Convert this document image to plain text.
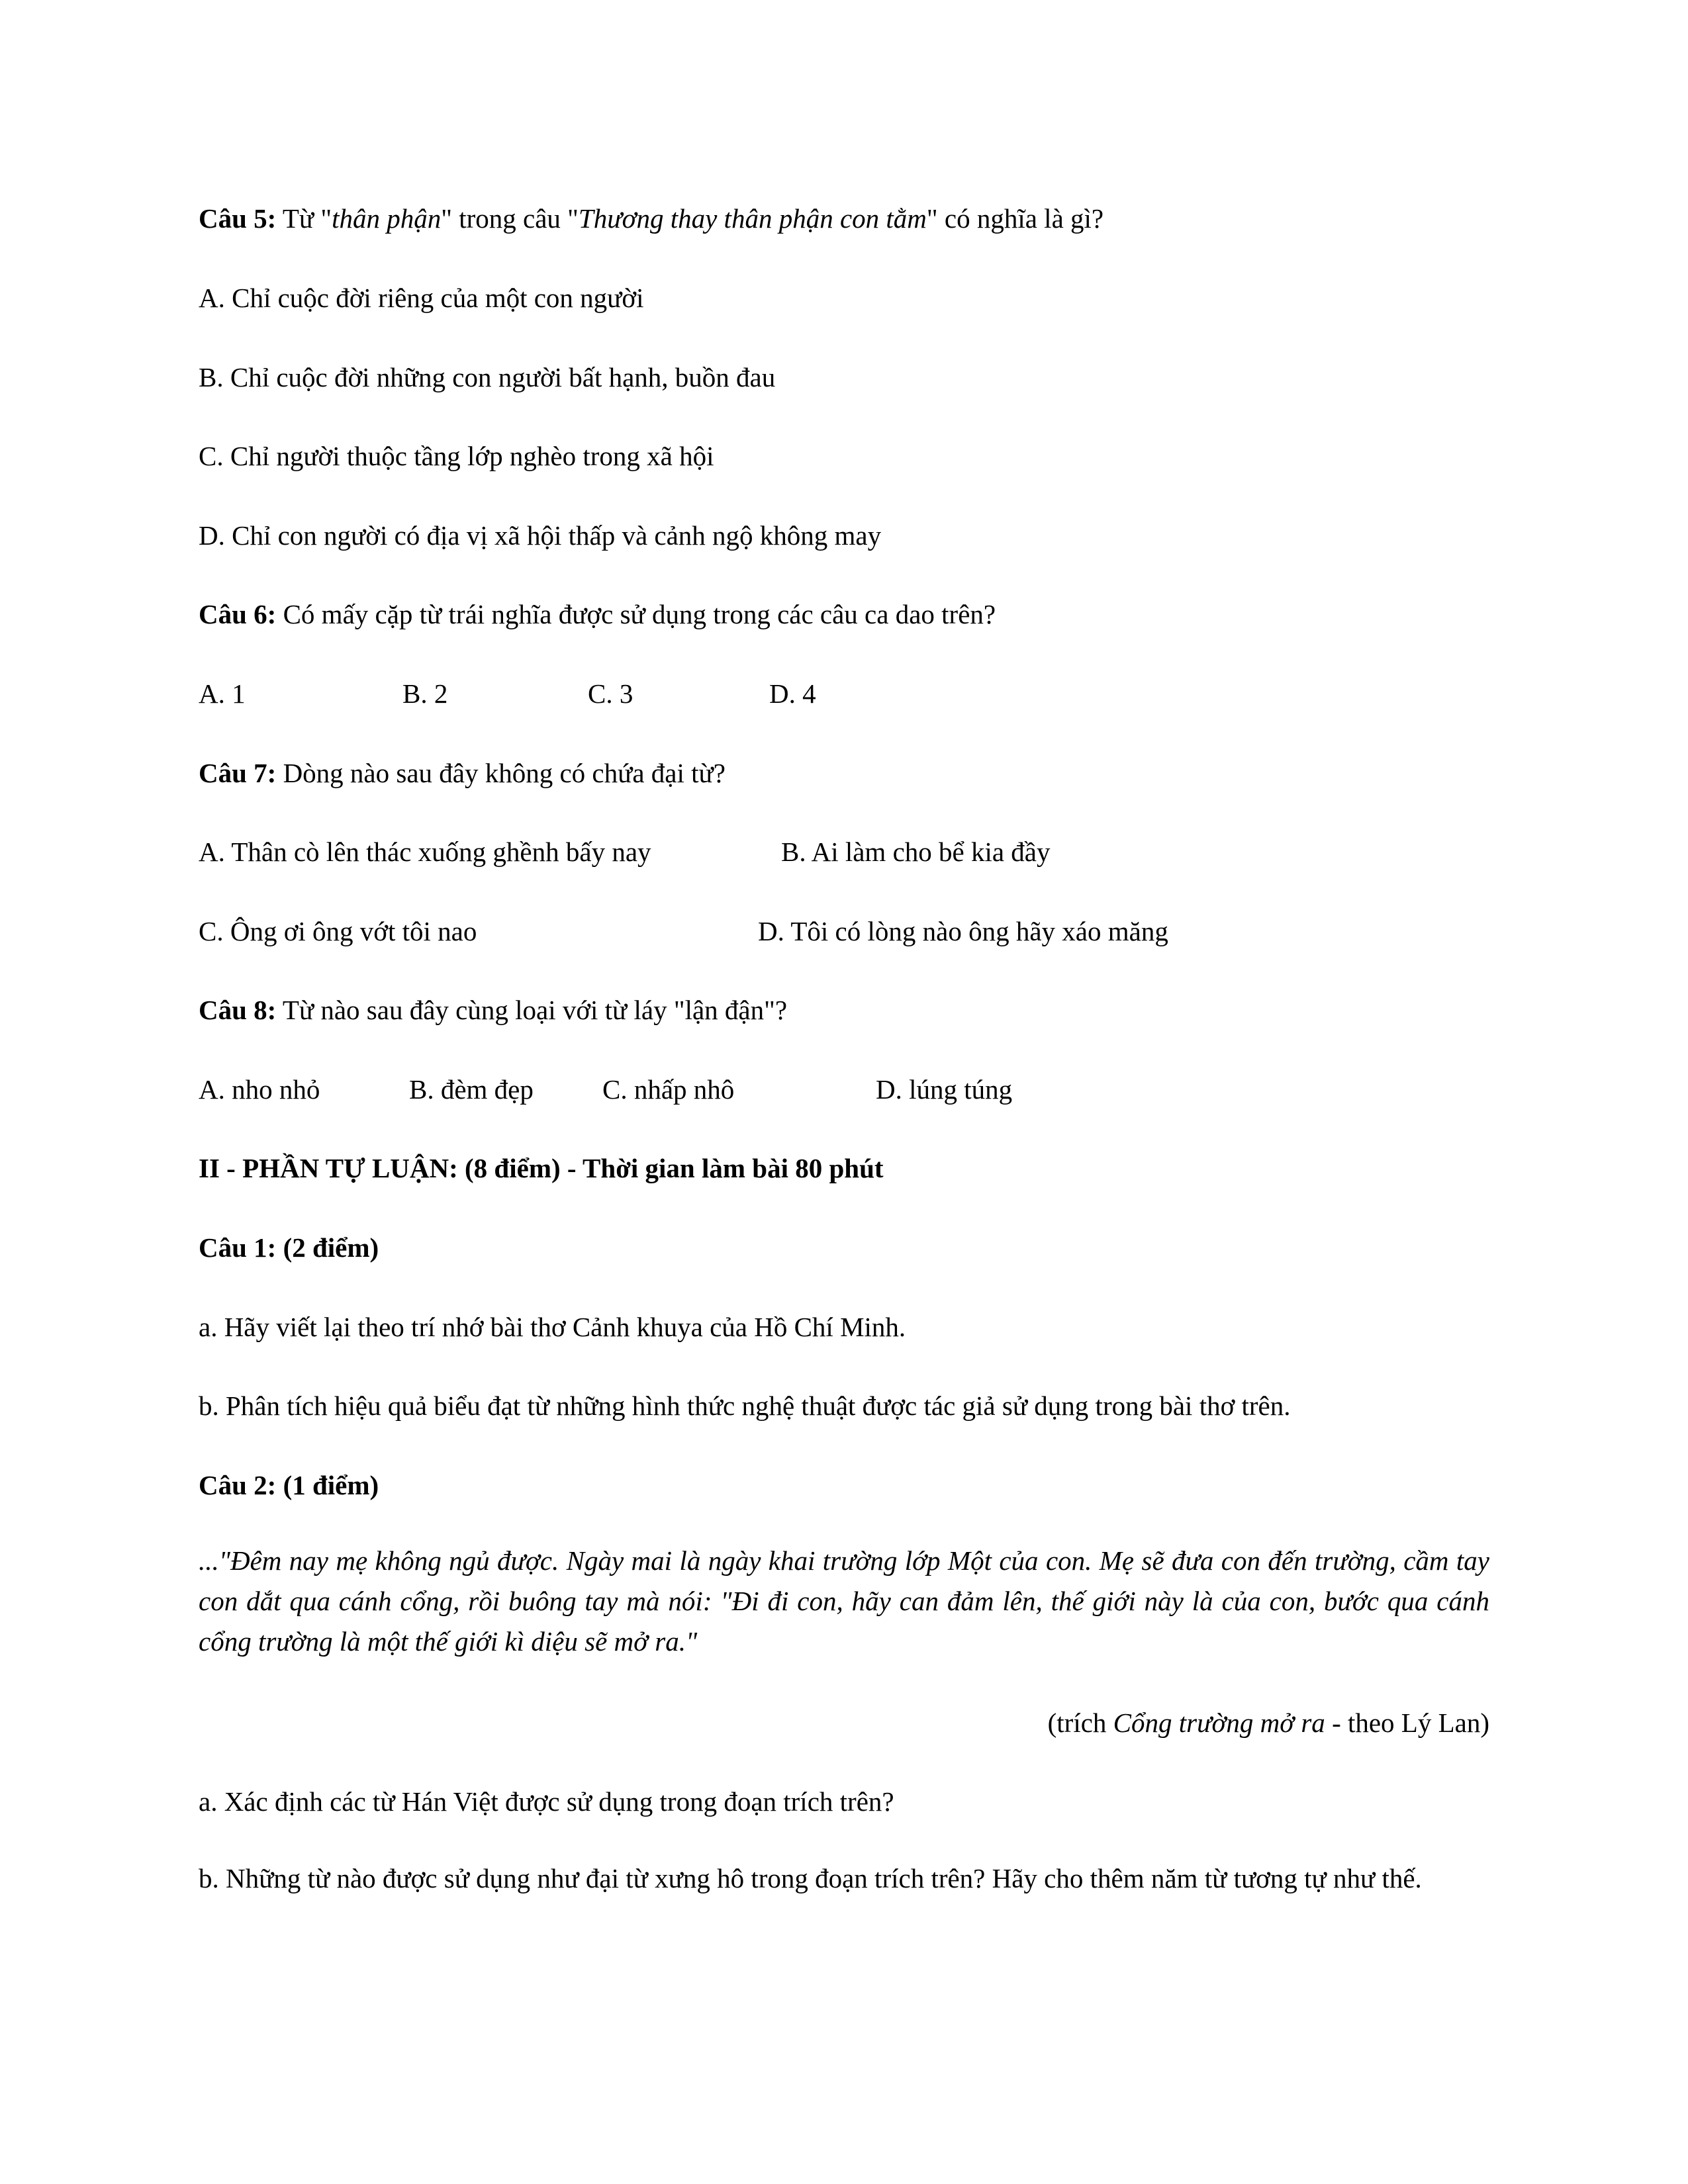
Câu 5: Từ "thân phận" trong câu "Thương thay thân phận con tằm" có nghĩa là gì?
A. Chỉ cuộc đời riêng của một con người
B. Chỉ cuộc đời những con người bất hạnh, buồn đau
C. Chỉ người thuộc tầng lớp nghèo trong xã hội
D. Chỉ con người có địa vị xã hội thấp và cảnh ngộ không may
Câu 6: Có mấy cặp từ trái nghĩa được sử dụng trong các câu ca dao trên?
A. 1	B. 2	C. 3	D. 4
Câu 7: Dòng nào sau đây không có chứa đại từ?
A. Thân cò lên thác xuống ghềnh bấy nay	B. Ai làm cho bể kia đầy
C. Ông ơi ông vớt tôi nao	D. Tôi có lòng nào ông hãy xáo măng
Câu 8: Từ nào sau đây cùng loại với từ láy "lận đận"?
A. nho nhỏ	B. đèm đẹp	C. nhấp nhô	D. lúng túng
II - PHẦN TỰ LUẬN: (8 điểm) - Thời gian làm bài 80 phút
Câu 1: (2 điểm)
a. Hãy viết lại theo trí nhớ bài thơ Cảnh khuya của Hồ Chí Minh.
b. Phân tích hiệu quả biểu đạt từ những hình thức nghệ thuật được tác giả sử dụng trong bài thơ trên.
Câu 2: (1 điểm)
..."Đêm nay mẹ không ngủ được. Ngày mai là ngày khai trường lớp Một của con. Mẹ sẽ đưa con đến trường, cầm tay con dắt qua cánh cổng, rồi buông tay mà nói: "Đi đi con, hãy can đảm lên, thế giới này là của con, bước qua cánh cổng trường là một thế giới kì diệu sẽ mở ra."
(trích Cổng trường mở ra - theo Lý Lan)
a. Xác định các từ Hán Việt được sử dụng trong đoạn trích trên?
b. Những từ nào được sử dụng như đại từ xưng hô trong đoạn trích trên? Hãy cho thêm năm từ tương tự như thế.
